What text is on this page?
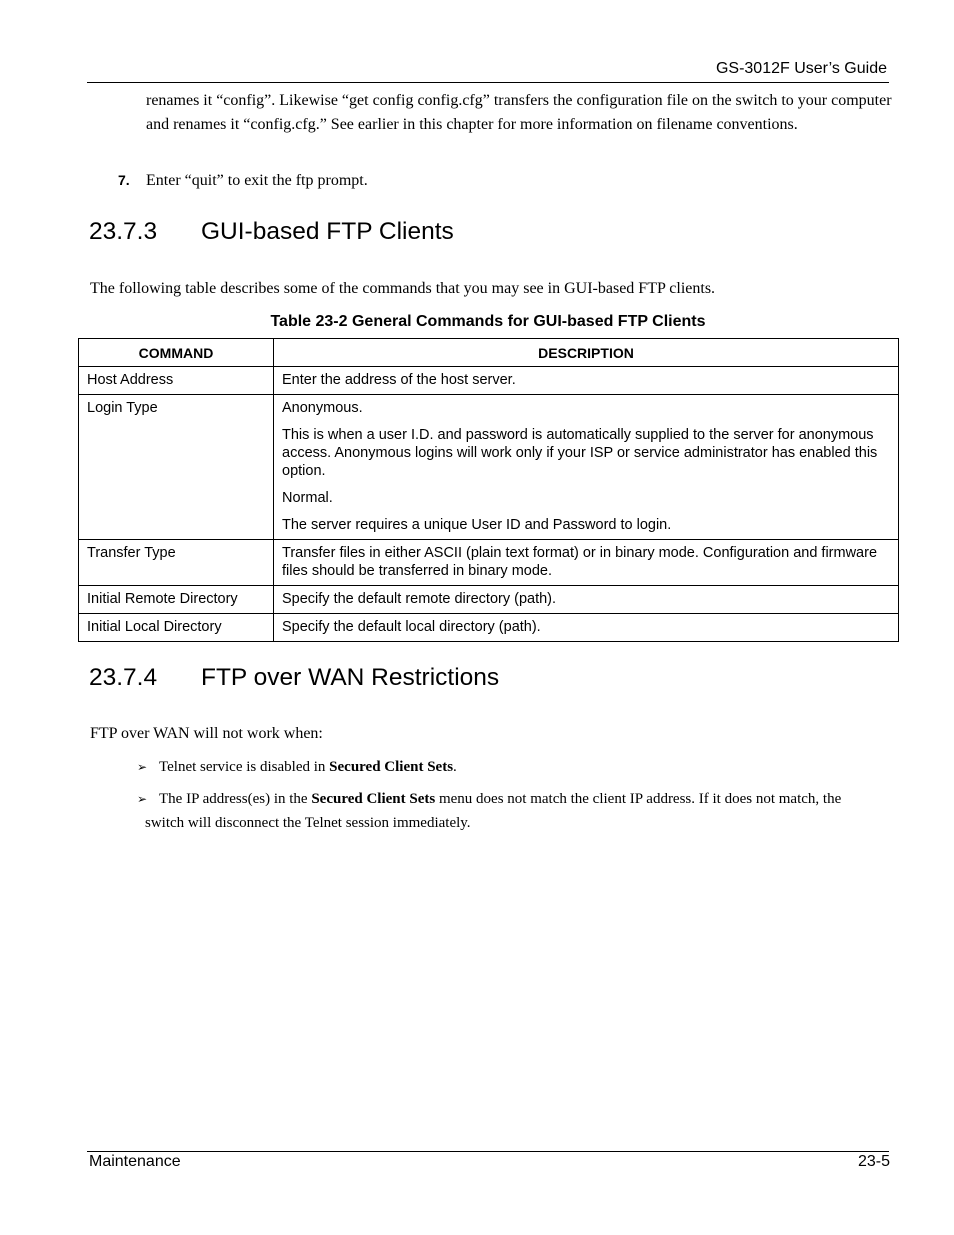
GS-3012F User’s Guide
renames it “config”. Likewise “get config config.cfg” transfers the configuration file on the switch to your computer and renames it “config.cfg.” See earlier in this chapter for more information on filename conventions.
7. Enter “quit” to exit the ftp prompt.
23.7.3 GUI-based FTP Clients
The following table describes some of the commands that you may see in GUI-based FTP clients.
Table 23-2 General Commands for GUI-based FTP Clients
COMMAND	DESCRIPTION
Host Address	Enter the address of the host server.

Login Type	Anonymous.

This is when a user I.D. and password is automatically supplied to the server for anonymous access. Anonymous logins will work only if your ISP or service administrator has enabled this option.

Normal.

The server requires a unique User ID and Password to login.

Transfer Type	Transfer files in either ASCII (plain text format) or in binary mode. Configuration and firmware files should be transferred in binary mode.

Initial Remote Directory	Specify the default remote directory (path).

Initial Local Directory	Specify the default local directory (path).

23.7.4 FTP over WAN Restrictions
FTP over WAN will not work when:
➢ Telnet service is disabled in Secured Client Sets.
➢ The IP address(es) in the Secured Client Sets menu does not match the client IP address. If it does not match, the
switch will disconnect the Telnet session immediately.
Maintenance	23-5
